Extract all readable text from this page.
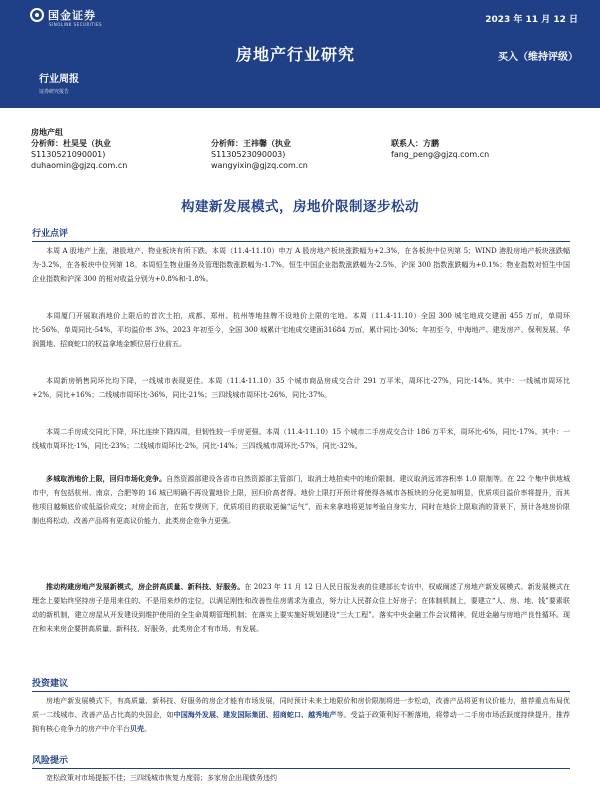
国金证券
SINOLINK SECURITIES	2023 年 11 月 12 日
房地产行业研究	买入（维持评级）
行业周报
证券研究报告
房地产组
分析师：杜昊旻（执业
S1130521090001)
duhaomin@gjzq.com.cn
分析师：王祎馨（执业
S1130523090003)
wangyixin@gjzq.com.cn
联系人：方鹏
fang_peng@gjzq.com.cn
构建新发展模式，房地价限制逐步松动
行业点评
本周 A 股地产上涨，港股地产、物业板块有所下跌。本周（11.4-11.10）申万 A 股房地产板块涨跌幅为+2.3%，在各板块中位列第 5；WIND 港股房地产板块涨跌幅为-3.2%，在各板块中位列第 18。本周恒生物业服务及管理指数涨跌幅为-1.7%，恒生中国企业指数涨跌幅为-2.5%，沪深 300 指数涨跌幅为+0.1%；物业指数对恒生中国企业指数和沪深 300 的相对收益分别为+0.8%和-1.8%。
本周厦门开展取消地价上限后的首次土拍，成都、郑州、杭州等地挂牌不设地价上限的宅地。本周（11.4-11.10）全国 300 城宅地成交建面 455 万㎡，单周环比-56%，单周同比-54%，平均溢价率 3%。2023 年初至今，全国 300 城累计宅地成交建面31684 万㎡，累计同比-30%；年初至今，中海地产、建发房产、保利发展、华润置地、招商蛇口的权益拿地金额位居行业前五。
本周新房销售同环比均下降，一线城市表现更佳。本周（11.4-11.10）35 个城市商品房成交合计 291 万平米，周环比-27%，同比-14%。其中：一线城市周环比+2%，同比+16%；二线城市周环比-36%，同比-21%；三四线城市周环比-26%，同比-37%。
本周二手房成交同比下降，环比连续下降四周，但韧性较一手房更强。本周（11.4-11.10）15 个城市二手房成交合计 186 万平米，周环比-6%，同比-17%。其中：一线城市周环比-1%，同比-23%；二线城市周环比-2%，同比-14%；三四线城市周环比-57%，同比-32%。
多城取消地价上限，回归市场化竞争。自然资源部建设各省市自然资源部主管部门，取消土地拍卖中的地价限制、建议取消远郊容积率 1.0 限制等。在 22 个集中供地城市中，有包括杭州、南京、合肥等的 16 城已明确不再设置地价上限，回归价高者得。地价上限打开预计将使得各城市各板块的分化更加明显，优质项目溢价率将提升，而其他项目越频底价或低溢价成交；对房企而言，在拓专规则下，优质项目的获取更偏“运气”，而未来拿地将更加考验自身实力，同时在地价上限取消的背景下，预计各地房价限制也将松动，改善产品将有更高议价能力，此类房企竞争力更强。
推动构建房地产发展新模式，房企拼高质量、新科技、好服务。在 2023 年 11 月 12 日人民日报发表的住建部长专访中，权威阐述了房地产新发展模式。新发展模式在理念上要始终坚持房子是用来住的、不是用来炒的定位，以满足刚性和改善性住房需求为重点，努力让人民群众住上好房子；在体制机制上，要建立“人、房、地、钱”要素联动的新机制，建立房屋从开发建设到维护使用的全生命周期管理机制；在落实上要实施好规划建设“三大工程”。落实中央金融工作会议精神，促进金融与房地产良性循环。现在和未来房企要拼高质量、新科技、好服务，此类房企才有市场、有发展。
投资建议
房地产新发展模式下，有高质量、新科技、好服务的房企才能有市场发展，同时预计未来土地限价和房价限制将进一步松动，改善产品将更有议价能力，推荐重点布局优质一二线城市、改善产品占比高的央国企，如中国海外发展、建发国际集团、招商蛇口、越秀地产等。受益于政策利好不断落地，将带动一二手房市场活跃度持续提升，推荐拥有核心竞争力的房产中介平台贝壳。
风险提示
宽松政策对市场提振不佳；三四线城市恢复力度弱；多家房企出现债务违约
